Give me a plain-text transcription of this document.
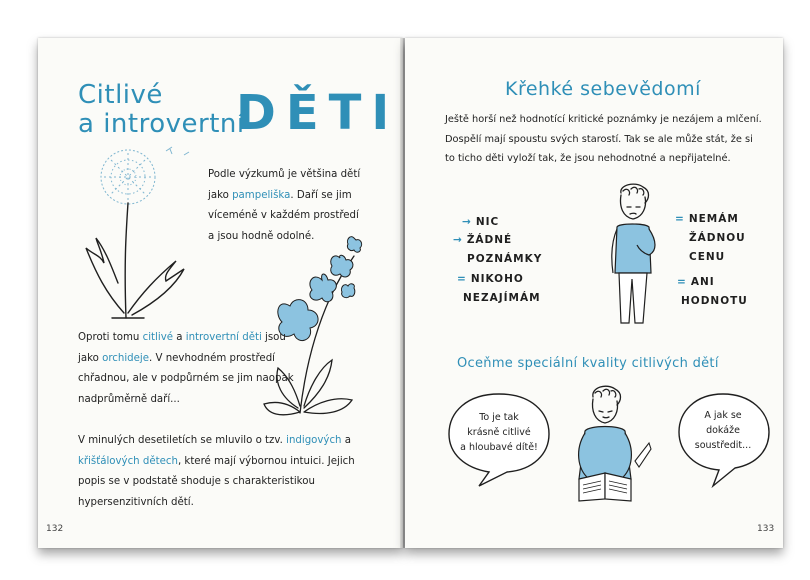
Citlivé
a introvertní
DĚTI
Podle výzkumů je většina dětí jako pampeliška. Daří se jim víceméně v každém prostředí a jsou hodně odolné.
Oproti tomu citlivé a introvertní děti jsou jako orchideje. V nevhodném prostředí chřadnou, ale v podpůrném se jim naopak nadprůměrně daří...
V minulých desetiletích se mluvilo o tzv. indigových a křišťálových dětech, které mají výbornou intuici. Jejich popis se v podstatě shoduje s charakteristikou hypersenzitivních dětí.
132
Křehké sebevědomí
Ještě horší než hodnotící kritické poznámky je nezájem a mlčení. Dospělí mají spoustu svých starostí. Tak se ale může stát, že si to ticho děti vyloží tak, že jsou nehodnotné a nepřijatelné.
→ NIC
→ ŽÁDNÉ
POZNÁMKY
= NIKOHO
NEZAJÍMÁM
= NEMÁM
ŽÁDNOU
CENU
= ANI
HODNOTU
Oceňme speciální kvality citlivých dětí
To je tak
krásně citlivé
a hloubavé dítě!
A jak se
dokáže
soustředit...
133
